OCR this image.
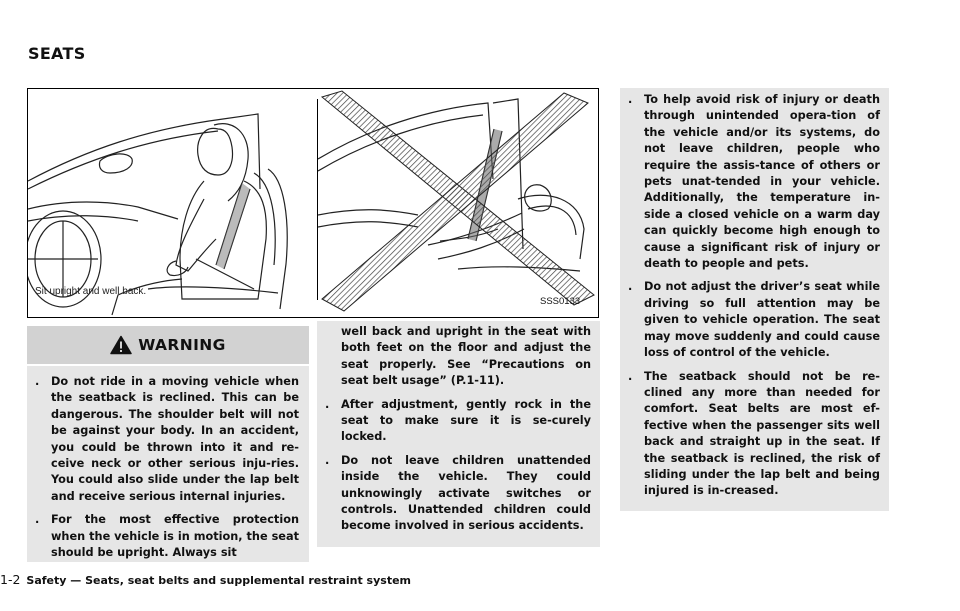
SEATS
Sit upright and well back.
SSS0133
WARNING
. Do not ride in a moving vehicle when the seatback is reclined. This can be dangerous. The shoulder belt will not be against your body. In an accident, you could be thrown into it and re-ceive neck or other serious inju-ries. You could also slide under the lap belt and receive serious internal injuries.
. For the most effective protection when the vehicle is in motion, the seat should be upright. Always sit
well back and upright in the seat with both feet on the floor and adjust the seat properly. See “Precautions on seat belt usage” (P.1-11).
. After adjustment, gently rock in the seat to make sure it is se-curely locked.
. Do not leave children unattended inside the vehicle. They could unknowingly activate switches or controls. Unattended children could become involved in serious accidents.
. To help avoid risk of injury or death through unintended opera-tion of the vehicle and/or its systems, do not leave children, people who require the assis-tance of others or pets unat-tended in your vehicle. Additionally, the temperature in-side a closed vehicle on a warm day can quickly become high enough to cause a significant risk of injury or death to people and pets.
. Do not adjust the driver’s seat while driving so full attention may be given to vehicle operation. The seat may move suddenly and could cause loss of control of the vehicle.
. The seatback should not be re-clined any more than needed for comfort. Seat belts are most ef-fective when the passenger sits well back and straight up in the seat. If the seatback is reclined, the risk of sliding under the lap belt and being injured is in-creased.
1-2 Safety — Seats, seat belts and supplemental restraint system
